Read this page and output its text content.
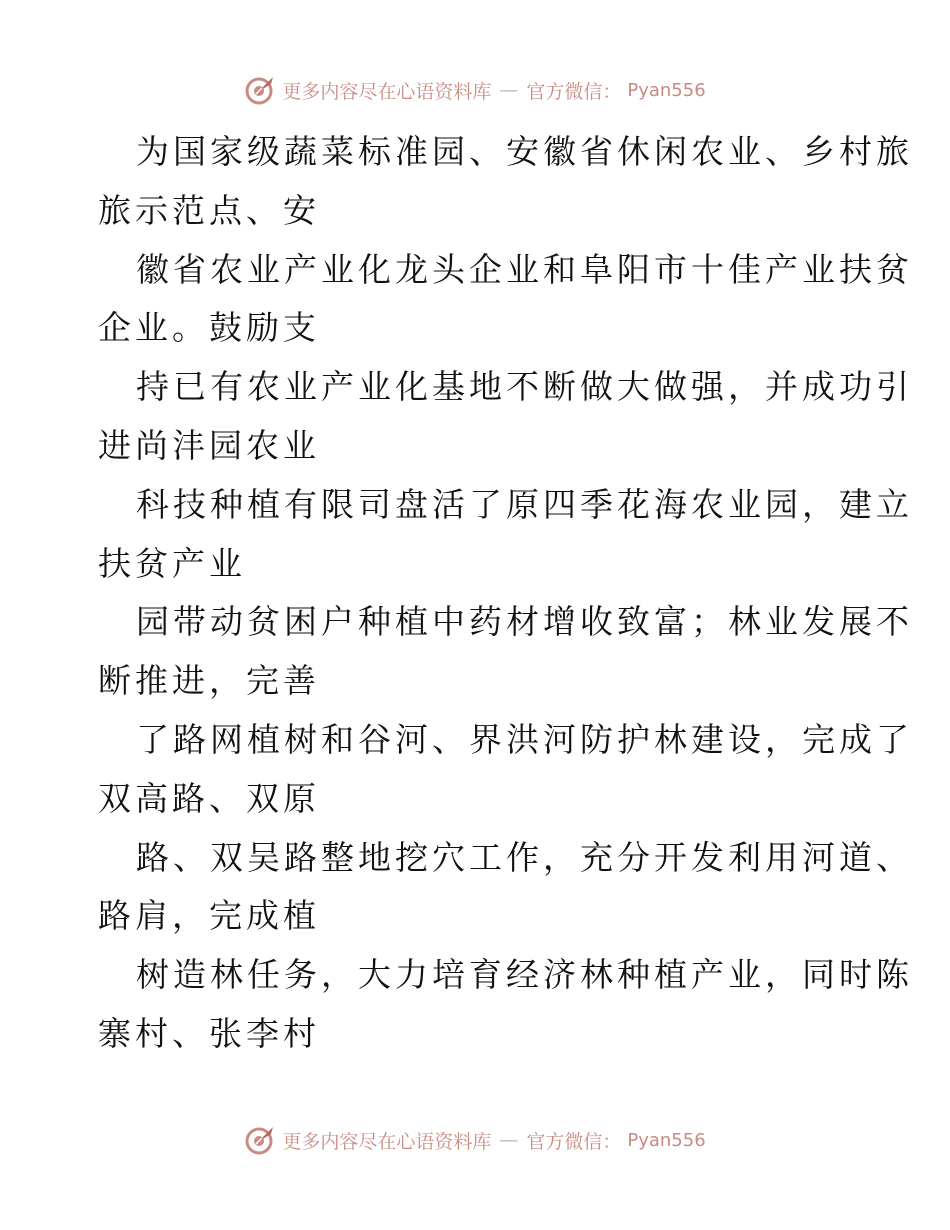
更多内容尽在心语资料库 — 官方微信： Pyan556
为国家级蔬菜标准园、安徽省休闲农业、乡村旅
旅示范点、安
徽省农业产业化龙头企业和阜阳市十佳产业扶贫
企业。鼓励支
持已有农业产业化基地不断做大做强，并成功引
进尚沣园农业
科技种植有限司盘活了原四季花海农业园，建立
扶贫产业
园带动贫困户种植中药材增收致富；林业发展不
断推进，完善
了路网植树和谷河、界洪河防护林建设，完成了
双高路、双原
路、双吴路整地挖穴工作，充分开发利用河道、
路肩，完成植
树造林任务，大力培育经济林种植产业，同时陈
寨村、张李村
更多内容尽在心语资料库 — 官方微信： Pyan556
